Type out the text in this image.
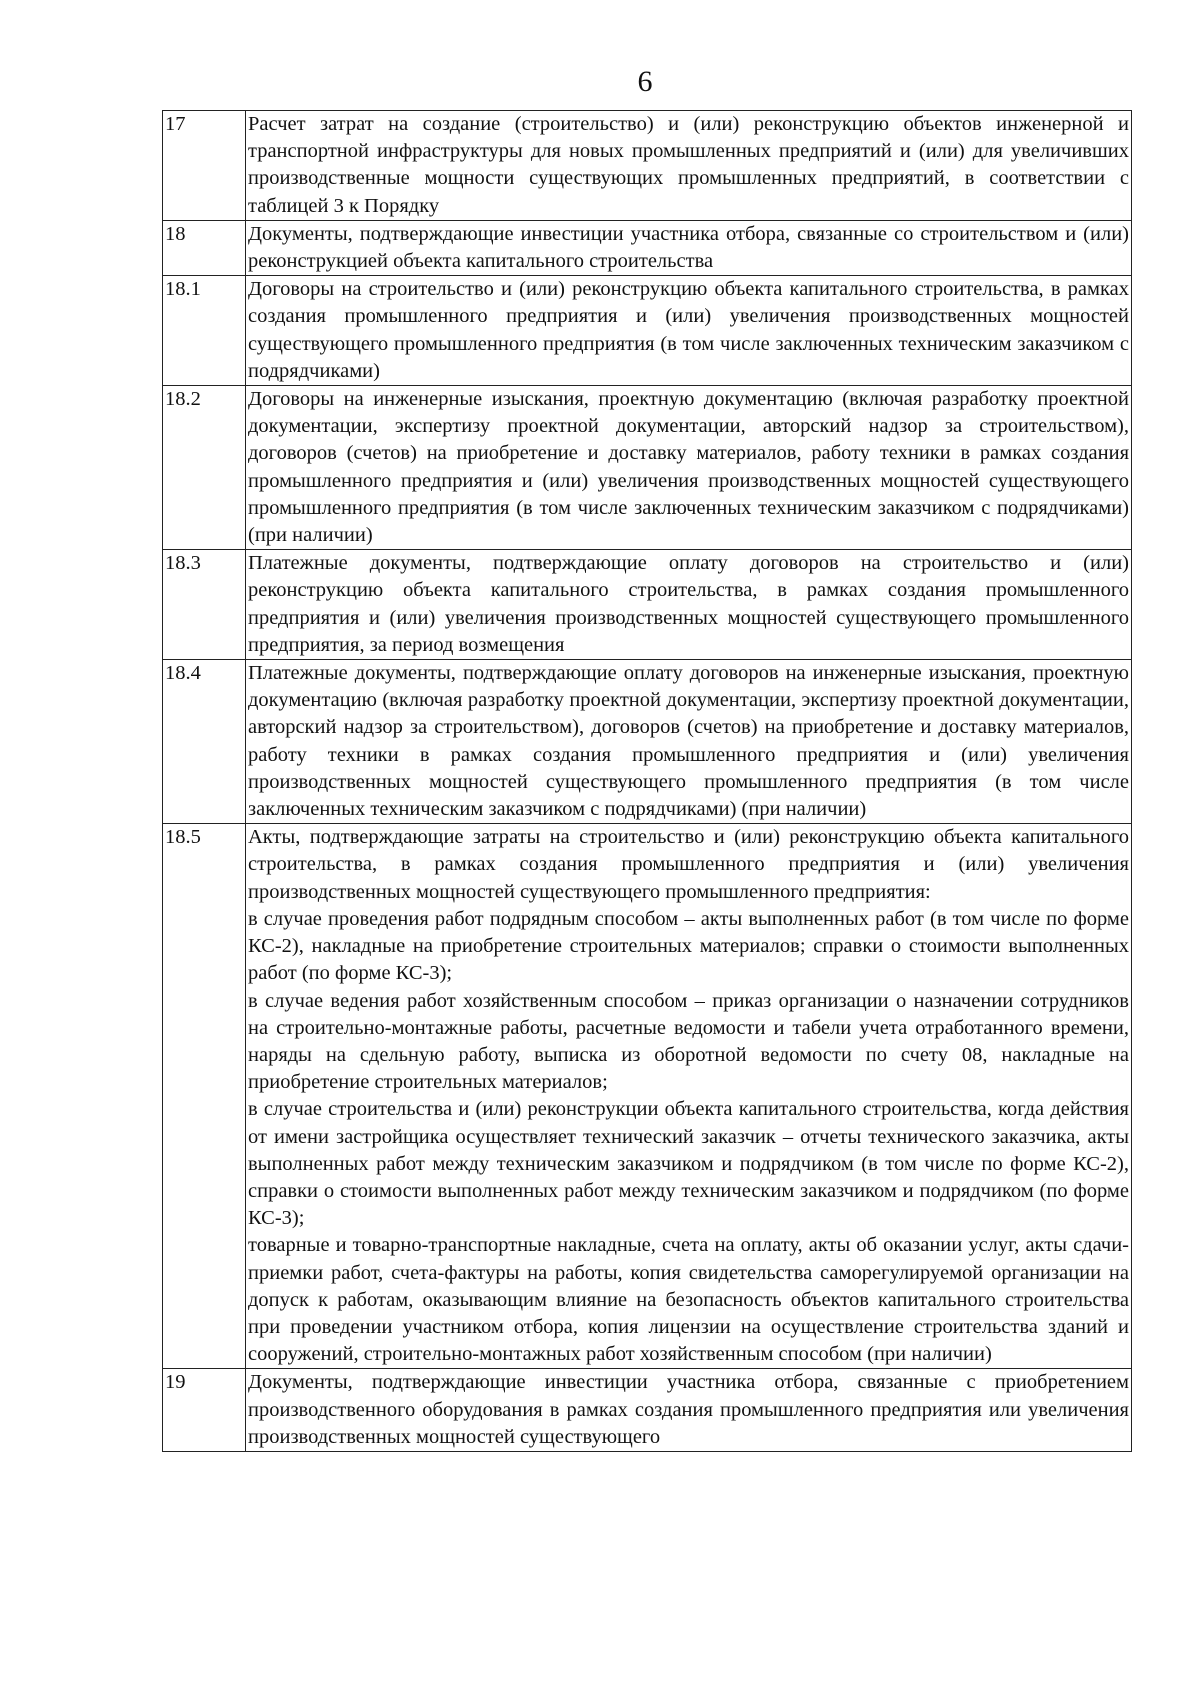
6
17	Расчет затрат на создание (строительство) и (или) реконструкцию объектов инженерной и транспортной инфраструктуры для новых промышленных предприятий и (или) для увеличивших производственные мощности существующих промышленных предприятий, в соответствии с таблицей 3 к Порядку

18	Документы, подтверждающие инвестиции участника отбора, связанные со строительством и (или) реконструкцией объекта капитального строительства

18.1	Договоры на строительство и (или) реконструкцию объекта капитального строительства, в рамках создания промышленного предприятия и (или) увеличения производственных мощностей существующего промышленного предприятия (в том числе заключенных техническим заказчиком с подрядчиками)

18.2	Договоры на инженерные изыскания, проектную документацию (включая разработку проектной документации, экспертизу проектной документации, авторский надзор за строительством), договоров (счетов) на приобретение и доставку материалов, работу техники в рамках создания промышленного предприятия и (или) увеличения производственных мощностей существующего промышленного предприятия (в том числе заключенных техническим заказчиком с подрядчиками) (при наличии)

18.3	Платежные документы, подтверждающие оплату договоров на строительство и (или) реконструкцию объекта капитального строительства, в рамках создания промышленного предприятия и (или) увеличения производственных мощностей существующего промышленного предприятия, за период возмещения

18.4	Платежные документы, подтверждающие оплату договоров на инженерные изыскания, проектную документацию (включая разработку проектной документации, экспертизу проектной документации, авторский надзор за строительством), договоров (счетов) на приобретение и доставку материалов, работу техники в рамках создания промышленного предприятия и (или) увеличения производственных мощностей существующего промышленного предприятия (в том числе заключенных техническим заказчиком с подрядчиками) (при наличии)

18.5	Акты, подтверждающие затраты на строительство и (или) реконструкцию объекта капитального строительства, в рамках создания промышленного предприятия и (или) увеличения производственных мощностей существующего промышленного предприятия:
в случае проведения работ подрядным способом – акты выполненных работ (в том числе по форме КС-2), накладные на приобретение строительных материалов; справки о стоимости выполненных работ (по форме КС-3);
в случае ведения работ хозяйственным способом – приказ организации о назначении сотрудников на строительно-монтажные работы, расчетные ведомости и табели учета отработанного времени, наряды на сдельную работу, выписка из оборотной ведомости по счету 08, накладные на приобретение строительных материалов;
в случае строительства и (или) реконструкции объекта капитального строительства, когда действия от имени застройщика осуществляет технический заказчик – отчеты технического заказчика, акты выполненных работ между техническим заказчиком и подрядчиком (в том числе по форме КС-2), справки о стоимости выполненных работ между техническим заказчиком и подрядчиком (по форме КС-3);
товарные и товарно-транспортные накладные, счета на оплату, акты об оказании услуг, акты сдачи-приемки работ, счета-фактуры на работы, копия свидетельства саморегулируемой организации на допуск к работам, оказывающим влияние на безопасность объектов капитального строительства при проведении участником отбора, копия лицензии на осуществление строительства зданий и сооружений, строительно-монтажных работ хозяйственным способом (при наличии)

19	Документы, подтверждающие инвестиции участника отбора, связанные с приобретением производственного оборудования в рамках создания промышленного предприятия или увеличения производственных мощностей существующего
